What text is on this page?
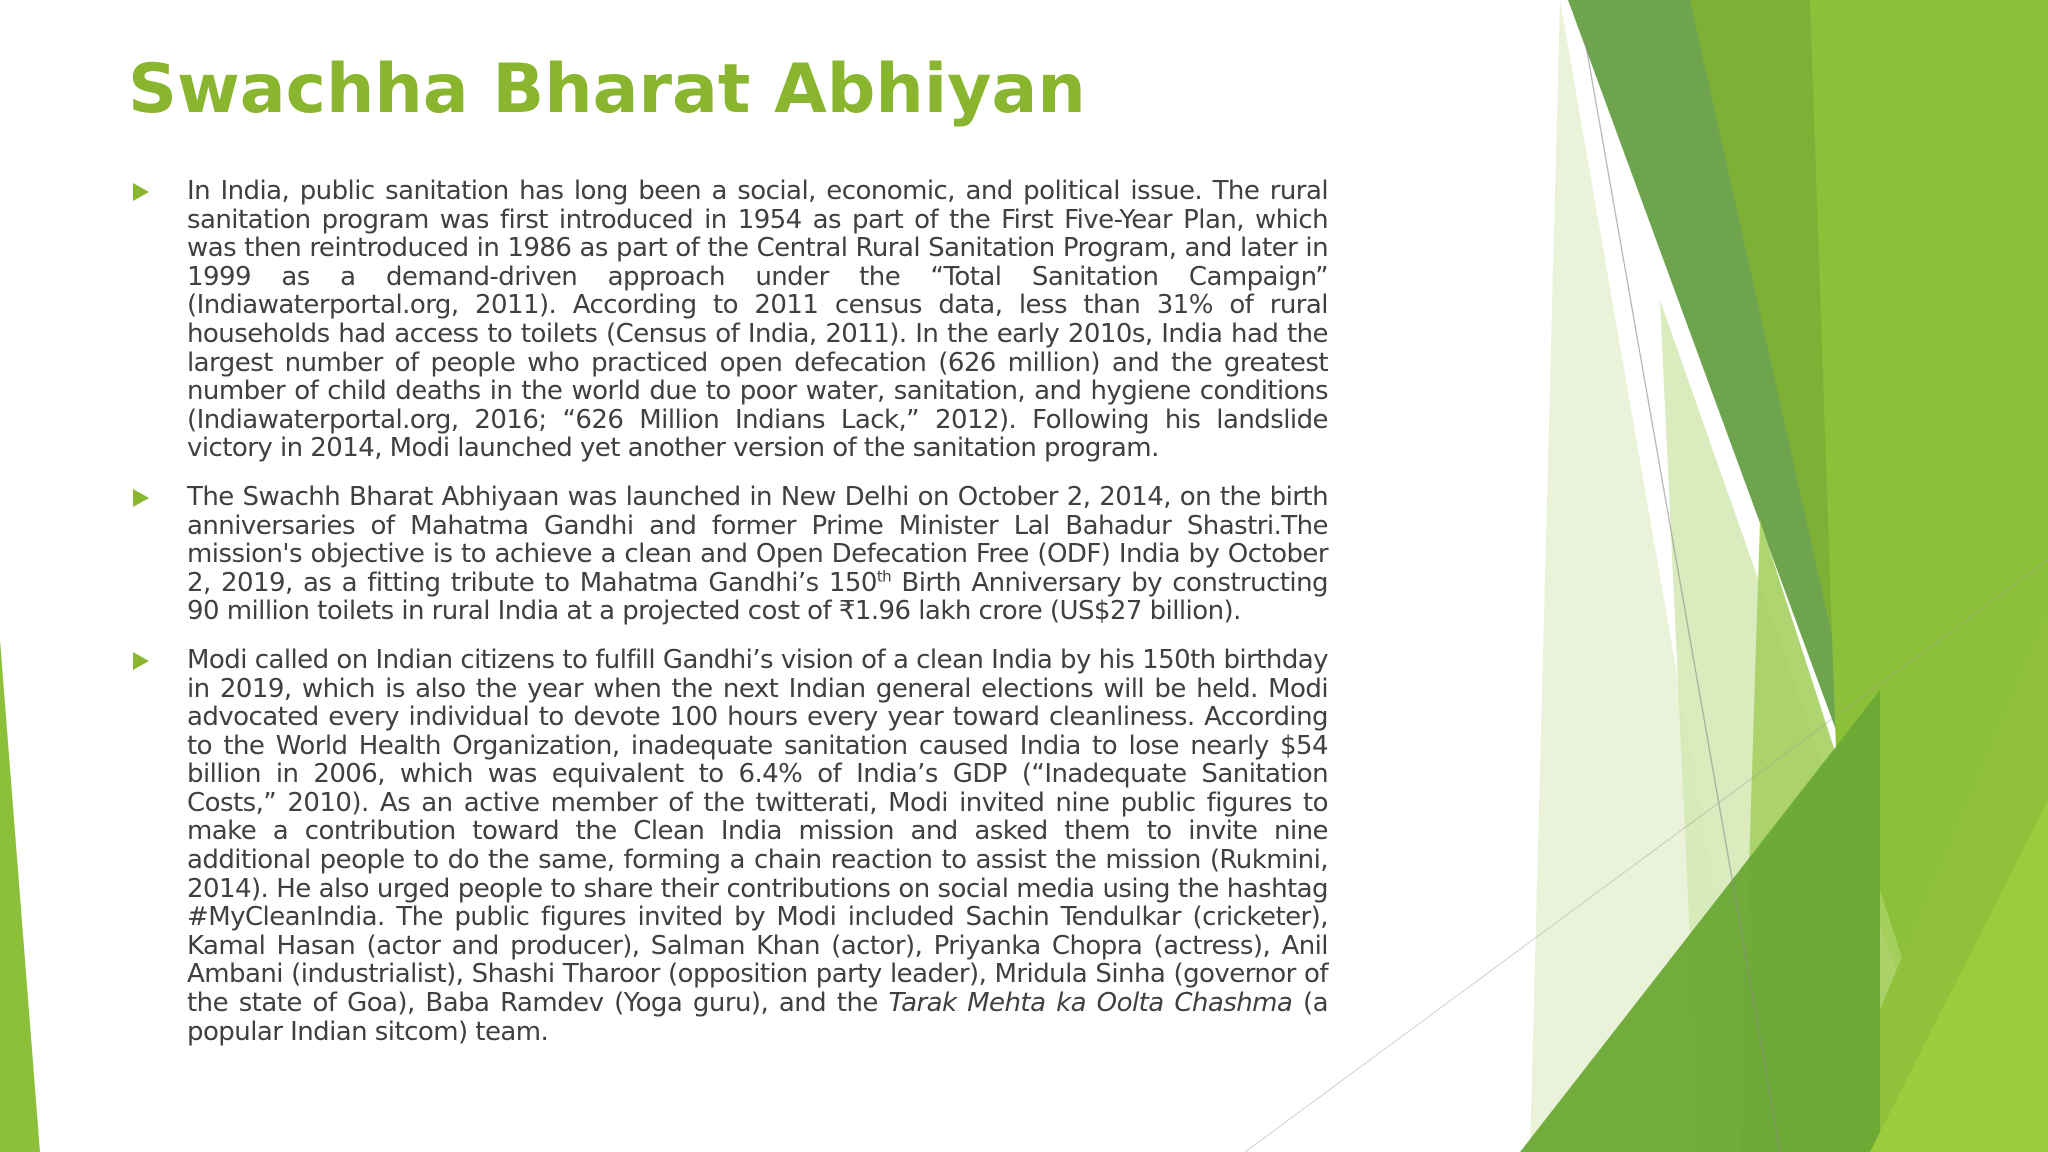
Swachha Bharat Abhiyan

In India, public sanitation has long been a social, economic, and political issue. The rural sanitation program was first introduced in 1954 as part of the First Five-Year Plan, which was then reintroduced in 1986 as part of the Central Rural Sanitation Program, and later in 1999 as a demand-driven approach under the “Total Sanitation Campaign” (Indiawaterportal.org, 2011). According to 2011 census data, less than 31% of rural households had access to toilets (Census of India, 2011). In the early 2010s, India had the largest number of people who practiced open defecation (626 million) and the greatest number of child deaths in the world due to poor water, sanitation, and hygiene conditions (Indiawaterportal.org, 2016; “626 Million Indians Lack,” 2012). Following his landslide victory in 2014, Modi launched yet another version of the sanitation program.

The Swachh Bharat Abhiyaan was launched in New Delhi on October 2, 2014, on the birth anniversaries of Mahatma Gandhi and former Prime Minister Lal Bahadur Shastri.The mission's objective is to achieve a clean and Open Defecation Free (ODF) India by October 2, 2019, as a fitting tribute to Mahatma Gandhi’s 150th Birth Anniversary by constructing 90 million toilets in rural India at a projected cost of ₹1.96 lakh crore (US$27 billion).

Modi called on Indian citizens to fulfill Gandhi’s vision of a clean India by his 150th birthday in 2019, which is also the year when the next Indian general elections will be held. Modi advocated every individual to devote 100 hours every year toward cleanliness. According to the World Health Organization, inadequate sanitation caused India to lose nearly $54 billion in 2006, which was equivalent to 6.4% of India’s GDP (“Inadequate Sanitation Costs,” 2010). As an active member of the twitterati, Modi invited nine public figures to make a contribution toward the Clean India mission and asked them to invite nine additional people to do the same, forming a chain reaction to assist the mission (Rukmini, 2014). He also urged people to share their contributions on social media using the hashtag #MyCleanIndia. The public figures invited by Modi included Sachin Tendulkar (cricketer), Kamal Hasan (actor and producer), Salman Khan (actor), Priyanka Chopra (actress), Anil Ambani (industrialist), Shashi Tharoor (opposition party leader), Mridula Sinha (governor of the state of Goa), Baba Ramdev (Yoga guru), and the Tarak Mehta ka Oolta Chashma (a popular Indian sitcom) team.
